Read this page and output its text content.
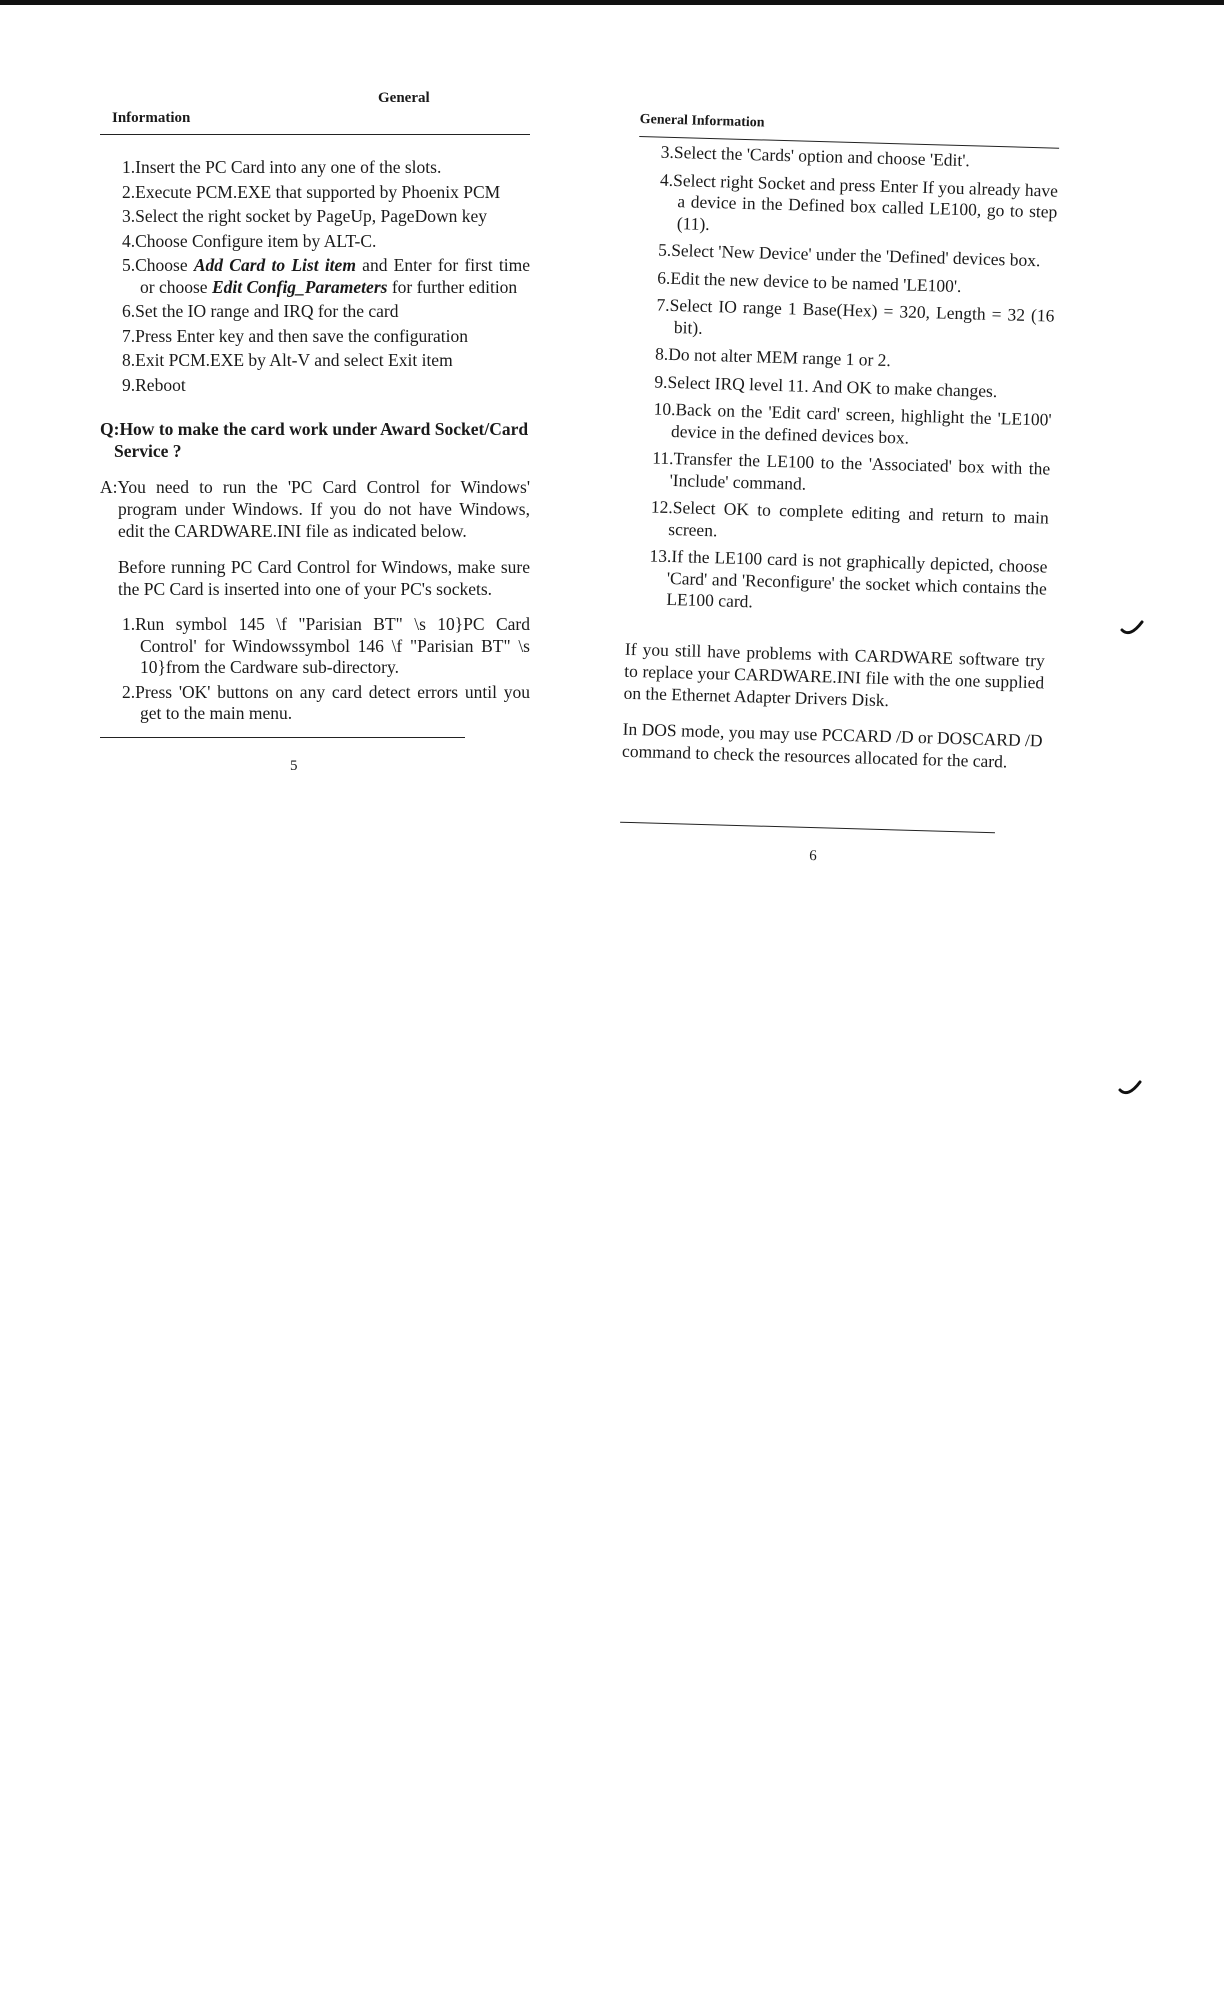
Information
General
1.Insert the PC Card into any one of the slots.
2.Execute PCM.EXE that supported by Phoenix PCM
3.Select the right socket by PageUp, PageDown key
4.Choose Configure item by ALT-C.
5.Choose Add Card to List item and Enter for first time or choose Edit Config_Parameters for further edition
6.Set the IO range and IRQ for the card
7.Press Enter key and then save the configuration
8.Exit PCM.EXE by Alt-V and select Exit item
9.Reboot
Q:How to make the card work under Award Socket/Card Service ?
A:You need to run the 'PC Card Control for Windows' program under Windows. If you do not have Windows, edit the CARDWARE.INI file as indicated below.
Before running PC Card Control for Windows, make sure the PC Card is inserted into one of your PC's sockets.
1.Run symbol 145 \f "Parisian BT" \s 10}PC Card Control' for Windowssymbol 146 \f "Parisian BT" \s 10}from the Cardware sub-directory.
2.Press 'OK' buttons on any card detect errors until you get to the main menu.
5
General Information
3.Select the 'Cards' option and choose 'Edit'.
4.Select right Socket and press Enter If you already have a device in the Defined box called LE100, go to step (11).
5.Select 'New Device' under the 'Defined' devices box.
6.Edit the new device to be named 'LE100'.
7.Select IO range 1 Base(Hex) = 320, Length = 32 (16 bit).
8.Do not alter MEM range 1 or 2.
9.Select IRQ level 11. And OK to make changes.
10.Back on the 'Edit card' screen, highlight the 'LE100' device in the defined devices box.
11.Transfer the LE100 to the 'Associated' box with the 'Include' command.
12.Select OK to complete editing and return to main screen.
13.If the LE100 card is not graphically depicted, choose 'Card' and 'Reconfigure' the socket which contains the LE100 card.
If you still have problems with CARDWARE software try to replace your CARDWARE.INI file with the one supplied on the Ethernet Adapter Drivers Disk.
In DOS mode, you may use PCCARD /D or DOSCARD /D command to check the resources allocated for the card.
6
